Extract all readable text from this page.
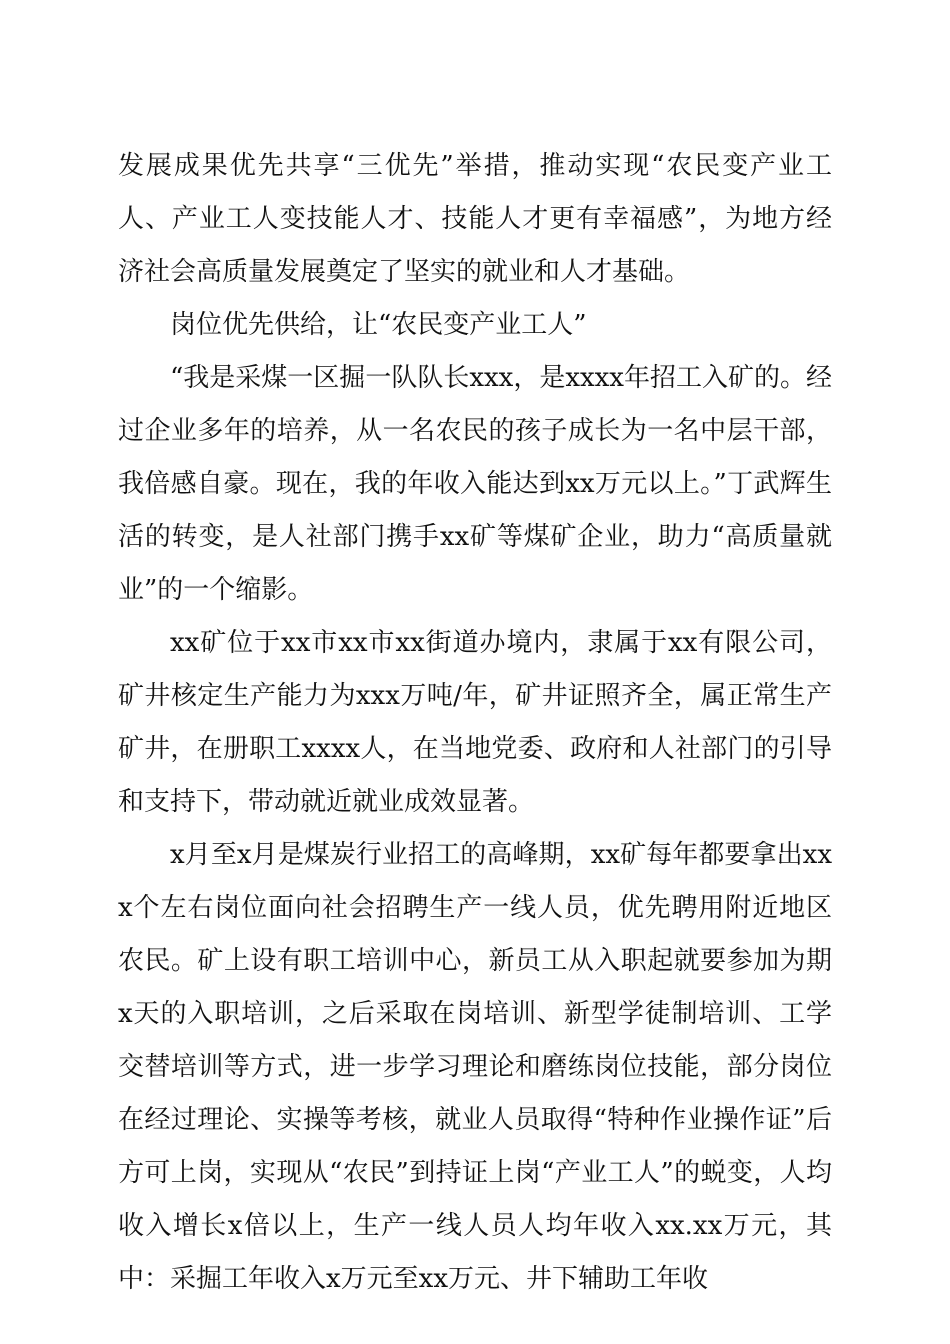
发展成果优先共享“三优先”举措，推动实现“农民变产业工人、产业工人变技能人才、技能人才更有幸福感”，为地方经济社会高质量发展奠定了坚实的就业和人才基础。

岗位优先供给，让“农民变产业工人”

“我是采煤一区掘一队队长xxx，是xxxx年招工入矿的。经过企业多年的培养，从一名农民的孩子成长为一名中层干部，我倍感自豪。现在，我的年收入能达到xx万元以上。”丁武辉生活的转变，是人社部门携手xx矿等煤矿企业，助力“高质量就业”的一个缩影。

xx矿位于xx市xx市xx街道办境内，隶属于xx有限公司，矿井核定生产能力为xxx万吨/年，矿井证照齐全，属正常生产矿井，在册职工xxxx人，在当地党委、政府和人社部门的引导和支持下，带动就近就业成效显著。

x月至x月是煤炭行业招工的高峰期，xx矿每年都要拿出xxx个左右岗位面向社会招聘生产一线人员，优先聘用附近地区农民。矿上设有职工培训中心，新员工从入职起就要参加为期x天的入职培训，之后采取在岗培训、新型学徒制培训、工学交替培训等方式，进一步学习理论和磨练岗位技能，部分岗位在经过理论、实操等考核，就业人员取得“特种作业操作证”后方可上岗，实现从“农民”到持证上岗“产业工人”的蜕变，人均收入增长x倍以上，生产一线人员人均年收入xx.xx万元，其中：采掘工年收入x万元至xx万元、井下辅助工年收
